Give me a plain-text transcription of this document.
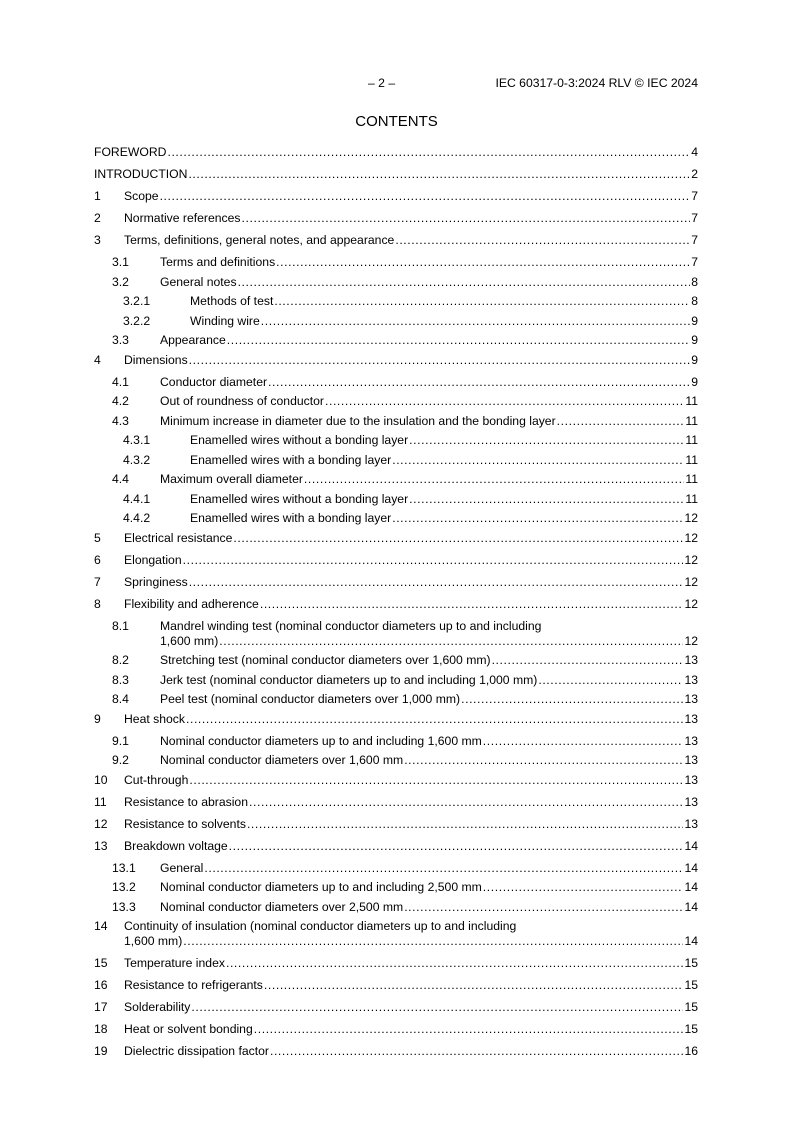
– 2 –	IEC 60317-0-3:2024 RLV © IEC 2024
CONTENTS
FOREWORD .....	4
INTRODUCTION .....	2
1	Scope .....	7
2	Normative references .....	7
3	Terms, definitions, general notes, and appearance .....	7
3.1	Terms and definitions .....	7
3.2	General notes .....	8
3.2.1	Methods of test .....	8
3.2.2	Winding wire .....	9
3.3	Appearance .....	9
4	Dimensions .....	9
4.1	Conductor diameter .....	9
4.2	Out of roundness of conductor .....	11
4.3	Minimum increase in diameter due to the insulation and the bonding layer .....	11
4.3.1	Enamelled wires without a bonding layer .....	11
4.3.2	Enamelled wires with a bonding layer .....	11
4.4	Maximum overall diameter .....	11
4.4.1	Enamelled wires without a bonding layer .....	11
4.4.2	Enamelled wires with a bonding layer .....	12
5	Electrical resistance .....	12
6	Elongation .....	12
7	Springiness .....	12
8	Flexibility and adherence .....	12
8.1	Mandrel winding test (nominal conductor diameters up to and including
1,600 mm) .....	12
8.2	Stretching test (nominal conductor diameters over 1,600 mm) .....	13
8.3	Jerk test (nominal conductor diameters up to and including 1,000 mm) .....	13
8.4	Peel test (nominal conductor diameters over 1,000 mm) .....	13
9	Heat shock .....	13
9.1	Nominal conductor diameters up to and including 1,600 mm .....	13
9.2	Nominal conductor diameters over 1,600 mm .....	13
10	Cut-through .....	13
11	Resistance to abrasion .....	13
12	Resistance to solvents .....	13
13	Breakdown voltage .....	14
13.1	General .....	14
13.2	Nominal conductor diameters up to and including 2,500 mm .....	14
13.3	Nominal conductor diameters over 2,500 mm .....	14
14	Continuity of insulation (nominal conductor diameters up to and including
1,600 mm) .....	14
15	Temperature index .....	15
16	Resistance to refrigerants .....	15
17	Solderability .....	15
18	Heat or solvent bonding .....	15
19	Dielectric dissipation factor .....	16
